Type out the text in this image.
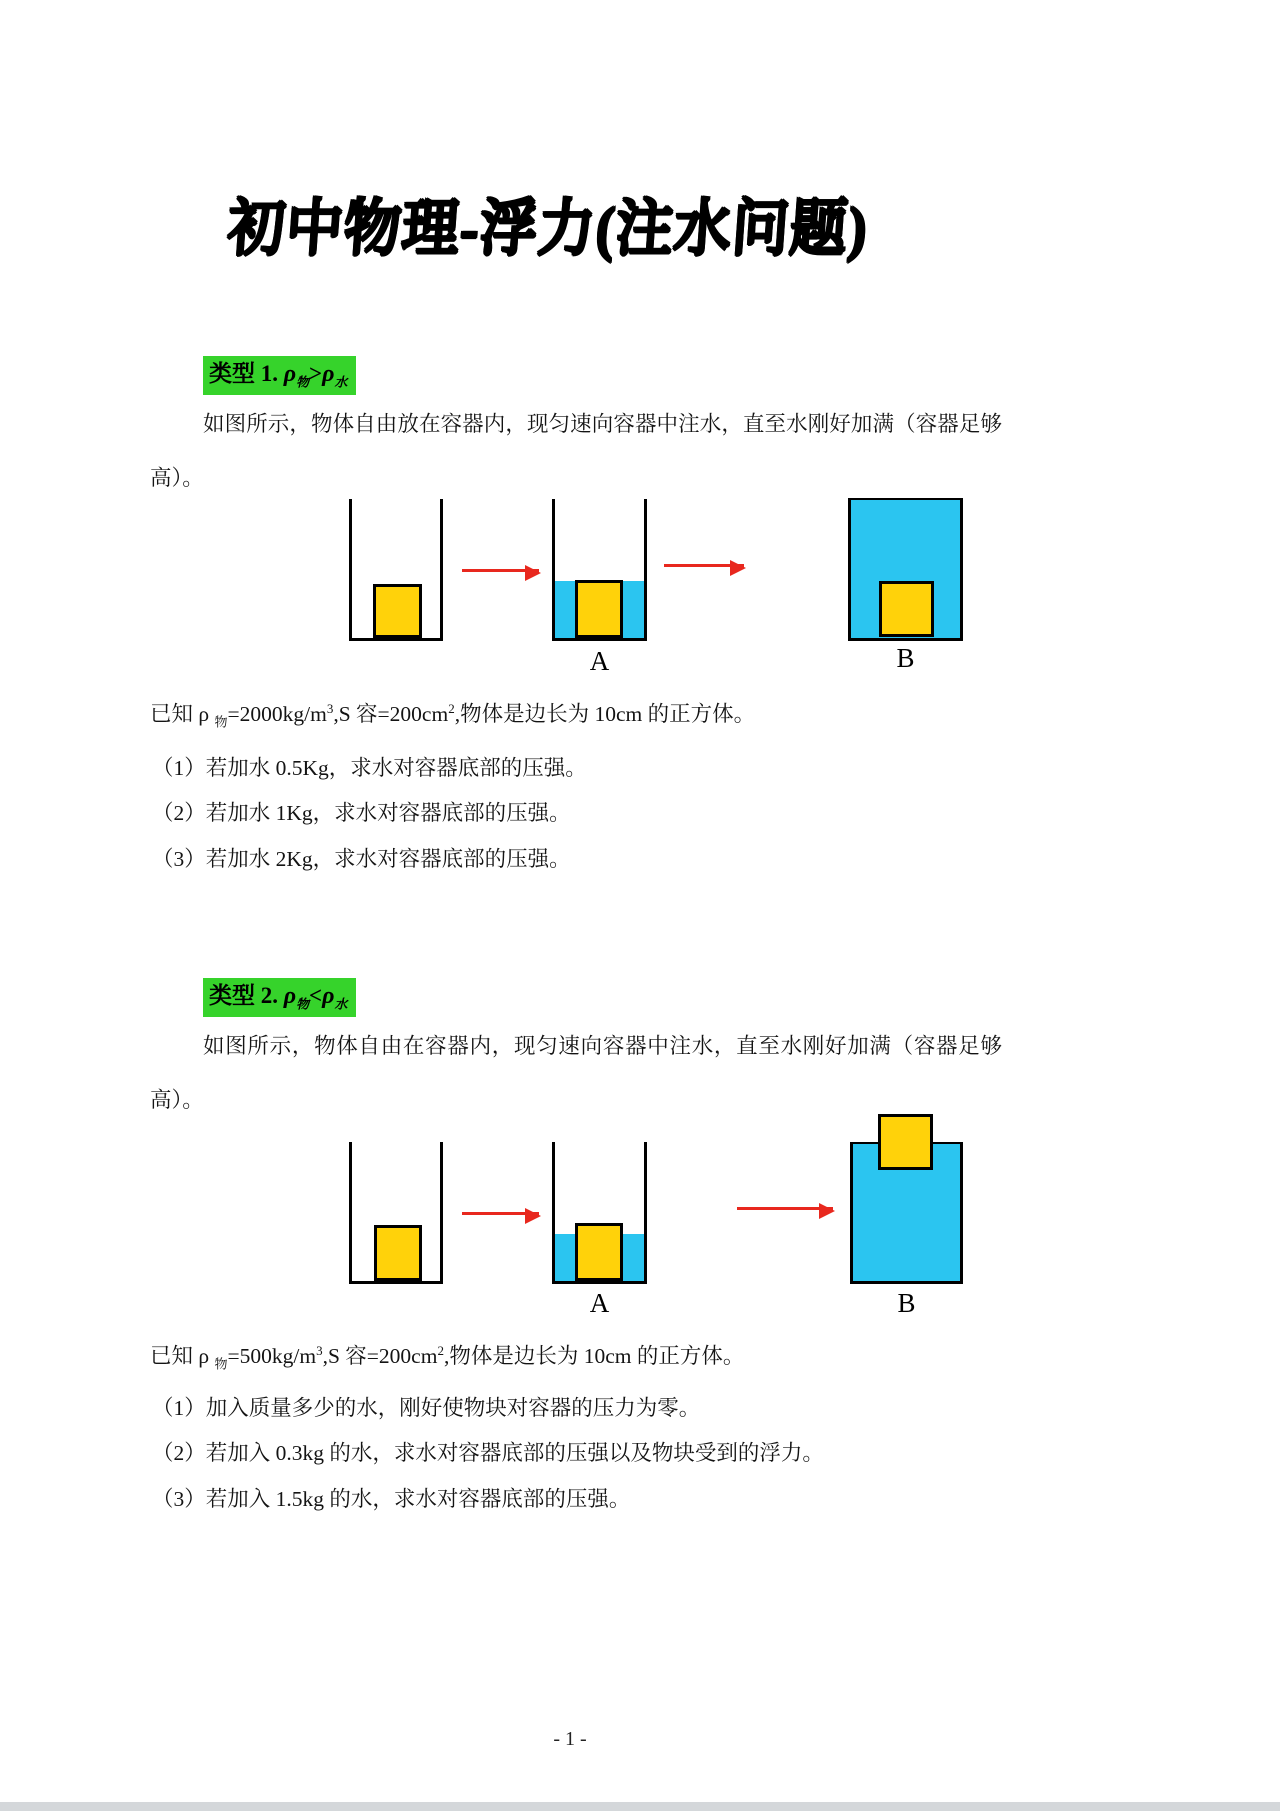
初中物理-浮力(注水问题)
类型 1. $\rho_物>\rho_水$
如图所示，物体自由放在容器内，现匀速向容器中注水，直至水刚好加满（容器足够高）。
A	B
已知 ρ $_物=2000kg/m^3,S$ 容$=200cm^2$,物体是边长为 10cm 的正方体。
（1）若加水 0.5Kg，求水对容器底部的压强。
（2）若加水 1Kg，求水对容器底部的压强。
（3）若加水 2Kg，求水对容器底部的压强。
类型 2. $\rho_物<\rho_水$
如图所示，物体自由在容器内，现匀速向容器中注水，直至水刚好加满（容器足够高）。
A	B
已知 ρ $_物=500kg/m^3,S$ 容$=200cm^2$,物体是边长为 10cm 的正方体。
（1）加入质量多少的水，刚好使物块对容器的压力为零。
（2）若加入 0.3kg 的水，求水对容器底部的压强以及物块受到的浮力。
（3）若加入 1.5kg 的水，求水对容器底部的压强。
- 1 -
